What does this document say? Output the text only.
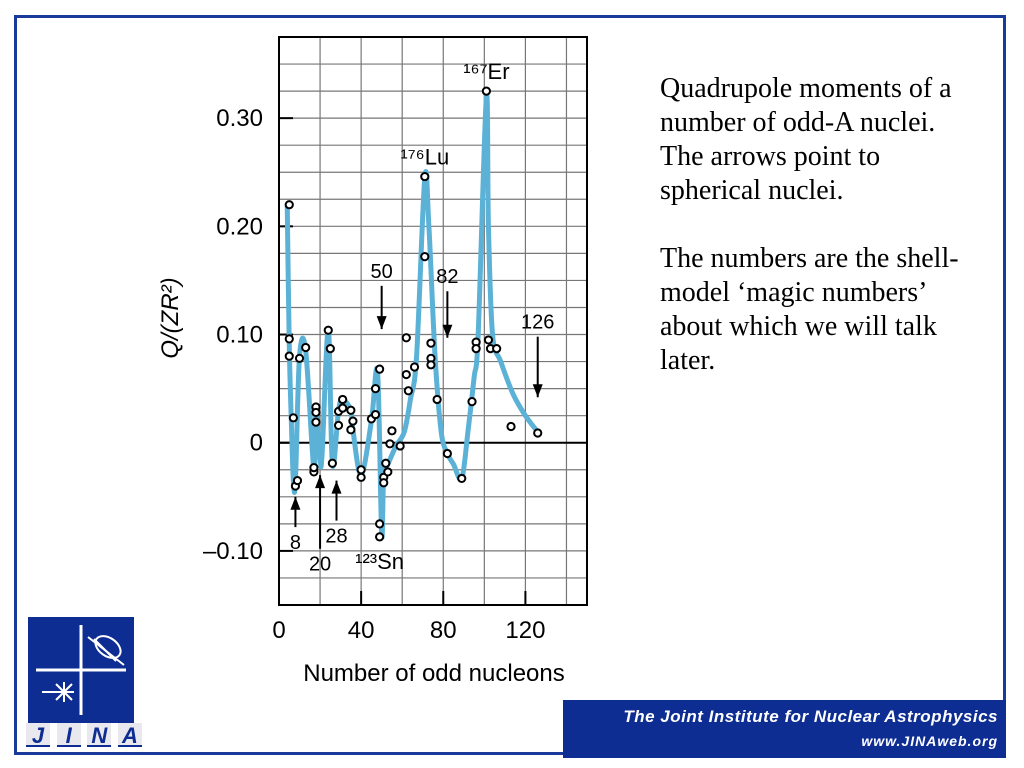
0	40 80 120
–0.10
0
0.10
0.20
0.30
8
20
28
50 82
126
¹⁶⁷Er
¹⁷⁶Lu
¹²³Sn
Number of odd nucleons
Q/(ZR²)

Quadrupole moments of a number of odd-A nuclei. The arrows point to spherical nuclei.

The numbers are the shell-model ‘magic numbers’ about which we will talk later.

J I N A
The Joint Institute for Nuclear Astrophysics
www.JINAweb.org
